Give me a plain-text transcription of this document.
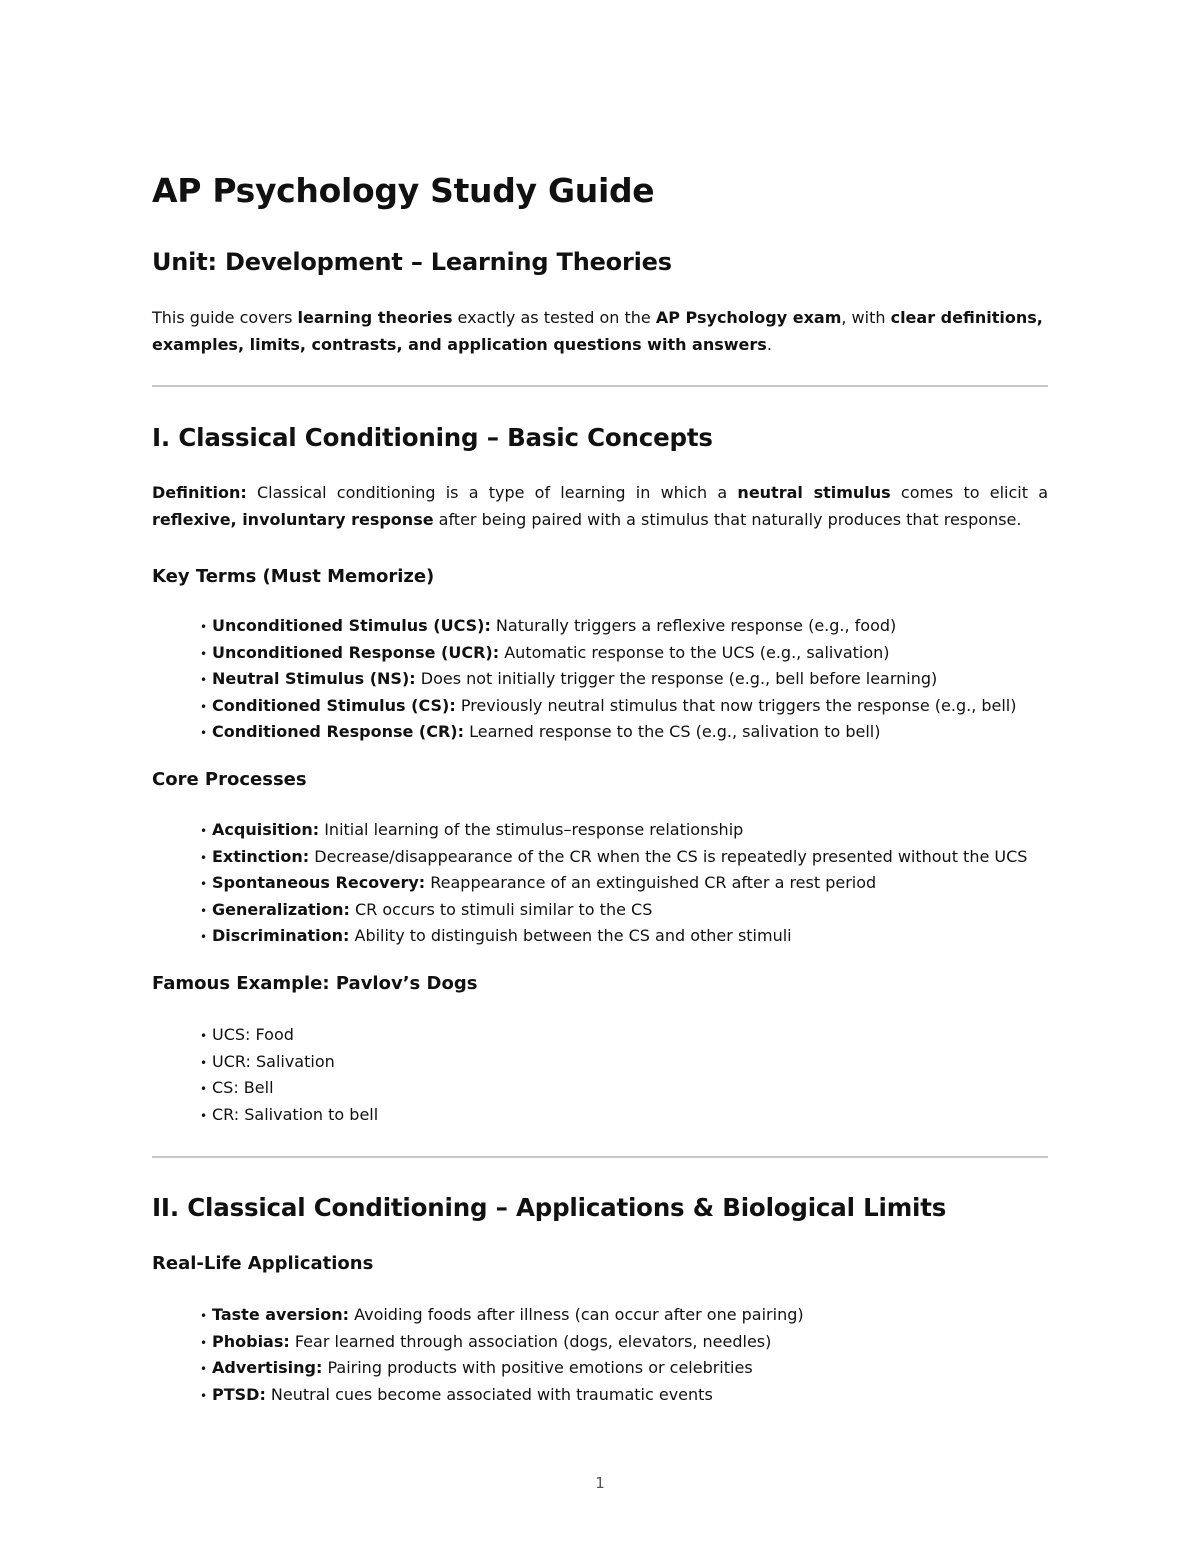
AP Psychology Study Guide
Unit: Development – Learning Theories

This guide covers learning theories exactly as tested on the AP Psychology exam, with clear definitions, examples, limits, contrasts, and application questions with answers.

I. Classical Conditioning – Basic Concepts

Definition: Classical conditioning is a type of learning in which a neutral stimulus comes to elicit a reflexive, involuntary response after being paired with a stimulus that naturally produces that response.

Key Terms (Must Memorize)
• Unconditioned Stimulus (UCS): Naturally triggers a reflexive response (e.g., food)
• Unconditioned Response (UCR): Automatic response to the UCS (e.g., salivation)
• Neutral Stimulus (NS): Does not initially trigger the response (e.g., bell before learning)
• Conditioned Stimulus (CS): Previously neutral stimulus that now triggers the response (e.g., bell)
• Conditioned Response (CR): Learned response to the CS (e.g., salivation to bell)
Core Processes
• Acquisition: Initial learning of the stimulus–response relationship
• Extinction: Decrease/disappearance of the CR when the CS is repeatedly presented without the UCS
• Spontaneous Recovery: Reappearance of an extinguished CR after a rest period
• Generalization: CR occurs to stimuli similar to the CS
• Discrimination: Ability to distinguish between the CS and other stimuli
Famous Example: Pavlov’s Dogs
• UCS: Food
• UCR: Salivation
• CS: Bell
• CR: Salivation to bell
II. Classical Conditioning – Applications & Biological Limits
Real-Life Applications
• Taste aversion: Avoiding foods after illness (can occur after one pairing)
• Phobias: Fear learned through association (dogs, elevators, needles)
• Advertising: Pairing products with positive emotions or celebrities
• PTSD: Neutral cues become associated with traumatic events
1
